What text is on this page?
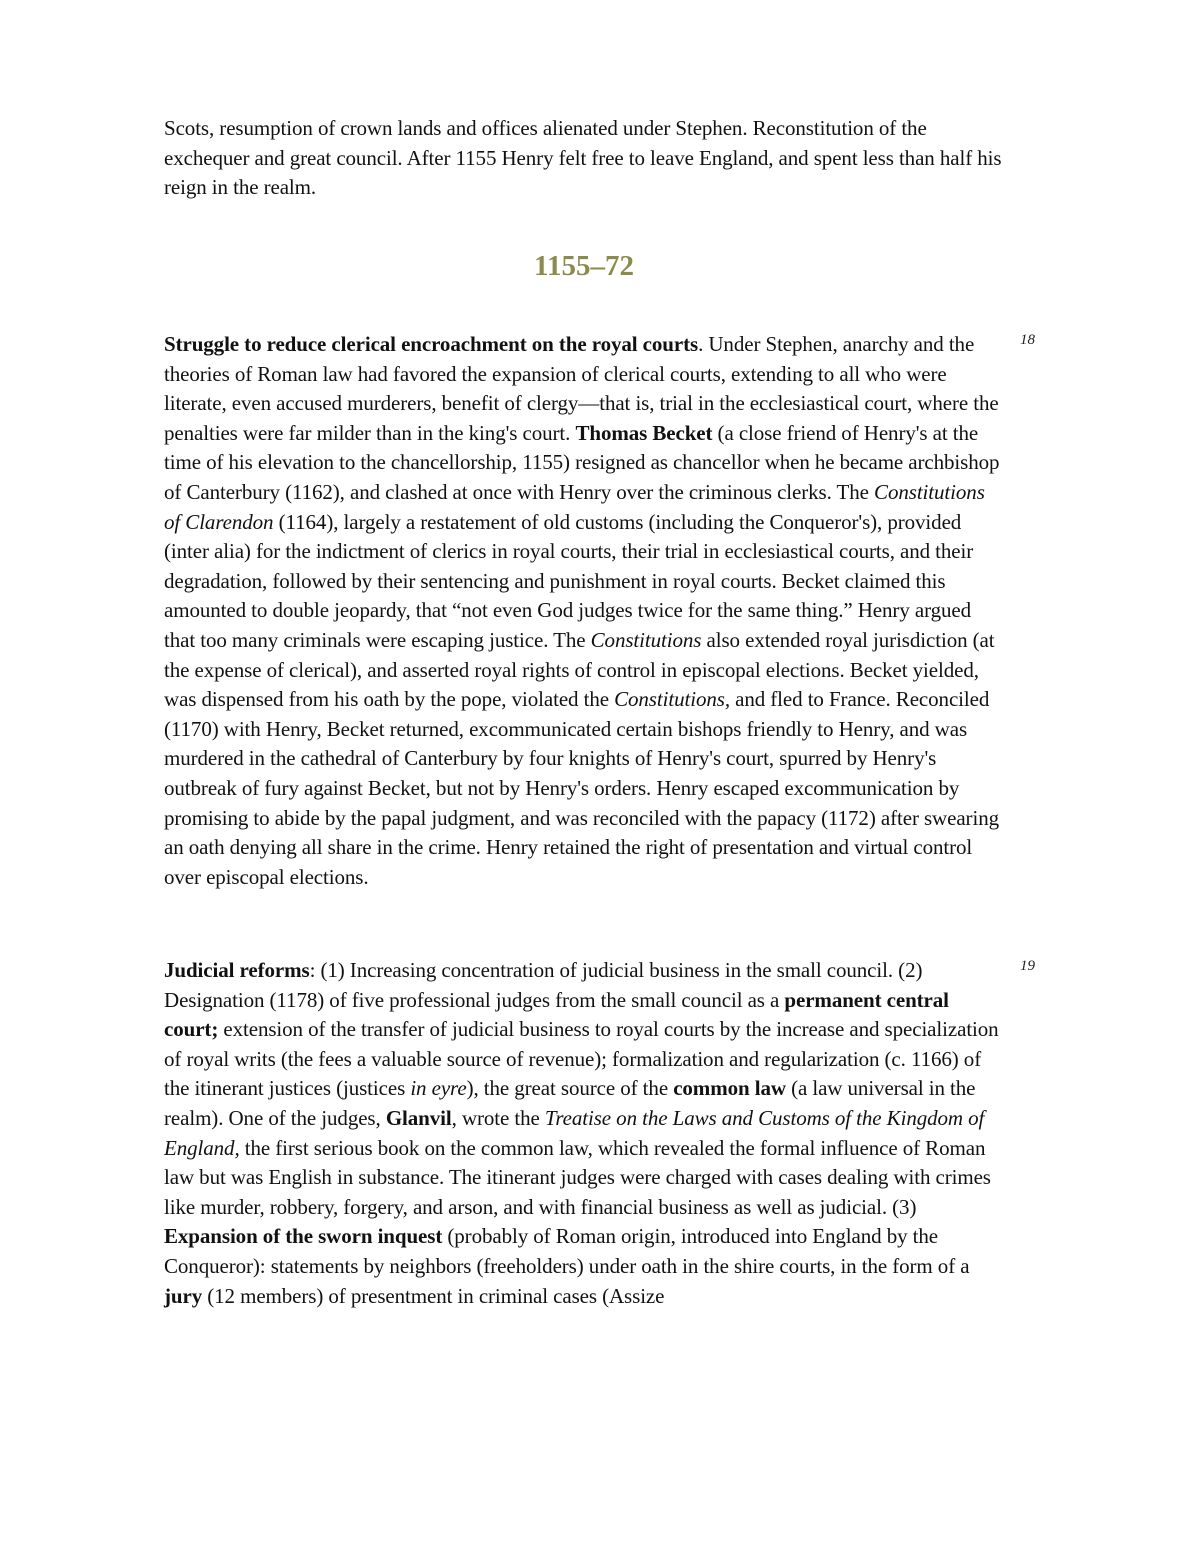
Scots, resumption of crown lands and offices alienated under Stephen. Reconstitution of the exchequer and great council. After 1155 Henry felt free to leave England, and spent less than half his reign in the realm.

1155–72

Struggle to reduce clerical encroachment on the royal courts. Under Stephen, anarchy and the theories of Roman law had favored the expansion of clerical courts, extending to all who were literate, even accused murderers, benefit of clergy—that is, trial in the ecclesiastical court, where the penalties were far milder than in the king's court. Thomas Becket (a close friend of Henry's at the time of his elevation to the chancellorship, 1155) resigned as chancellor when he became archbishop of Canterbury (1162), and clashed at once with Henry over the criminous clerks. The Constitutions of Clarendon (1164), largely a restatement of old customs (including the Conqueror's), provided (inter alia) for the indictment of clerics in royal courts, their trial in ecclesiastical courts, and their degradation, followed by their sentencing and punishment in royal courts. Becket claimed this amounted to double jeopardy, that “not even God judges twice for the same thing.” Henry argued that too many criminals were escaping justice. The Constitutions also extended royal jurisdiction (at the expense of clerical), and asserted royal rights of control in episcopal elections. Becket yielded, was dispensed from his oath by the pope, violated the Constitutions, and fled to France. Reconciled (1170) with Henry, Becket returned, excommunicated certain bishops friendly to Henry, and was murdered in the cathedral of Canterbury by four knights of Henry's court, spurred by Henry's outbreak of fury against Becket, but not by Henry's orders. Henry escaped excommunication by promising to abide by the papal judgment, and was reconciled with the papacy (1172) after swearing an oath denying all share in the crime. Henry retained the right of presentation and virtual control over episcopal elections.

18

Judicial reforms: (1) Increasing concentration of judicial business in the small council. (2) Designation (1178) of five professional judges from the small council as a permanent central court; extension of the transfer of judicial business to royal courts by the increase and specialization of royal writs (the fees a valuable source of revenue); formalization and regularization (c. 1166) of the itinerant justices (justices in eyre), the great source of the common law (a law universal in the realm). One of the judges, Glanvil, wrote the Treatise on the Laws and Customs of the Kingdom of England, the first serious book on the common law, which revealed the formal influence of Roman law but was English in substance. The itinerant judges were charged with cases dealing with crimes like murder, robbery, forgery, and arson, and with financial business as well as judicial. (3) Expansion of the sworn inquest (probably of Roman origin, introduced into England by the Conqueror): statements by neighbors (freeholders) under oath in the shire courts, in the form of a jury (12 members) of presentment in criminal cases (Assize

19
